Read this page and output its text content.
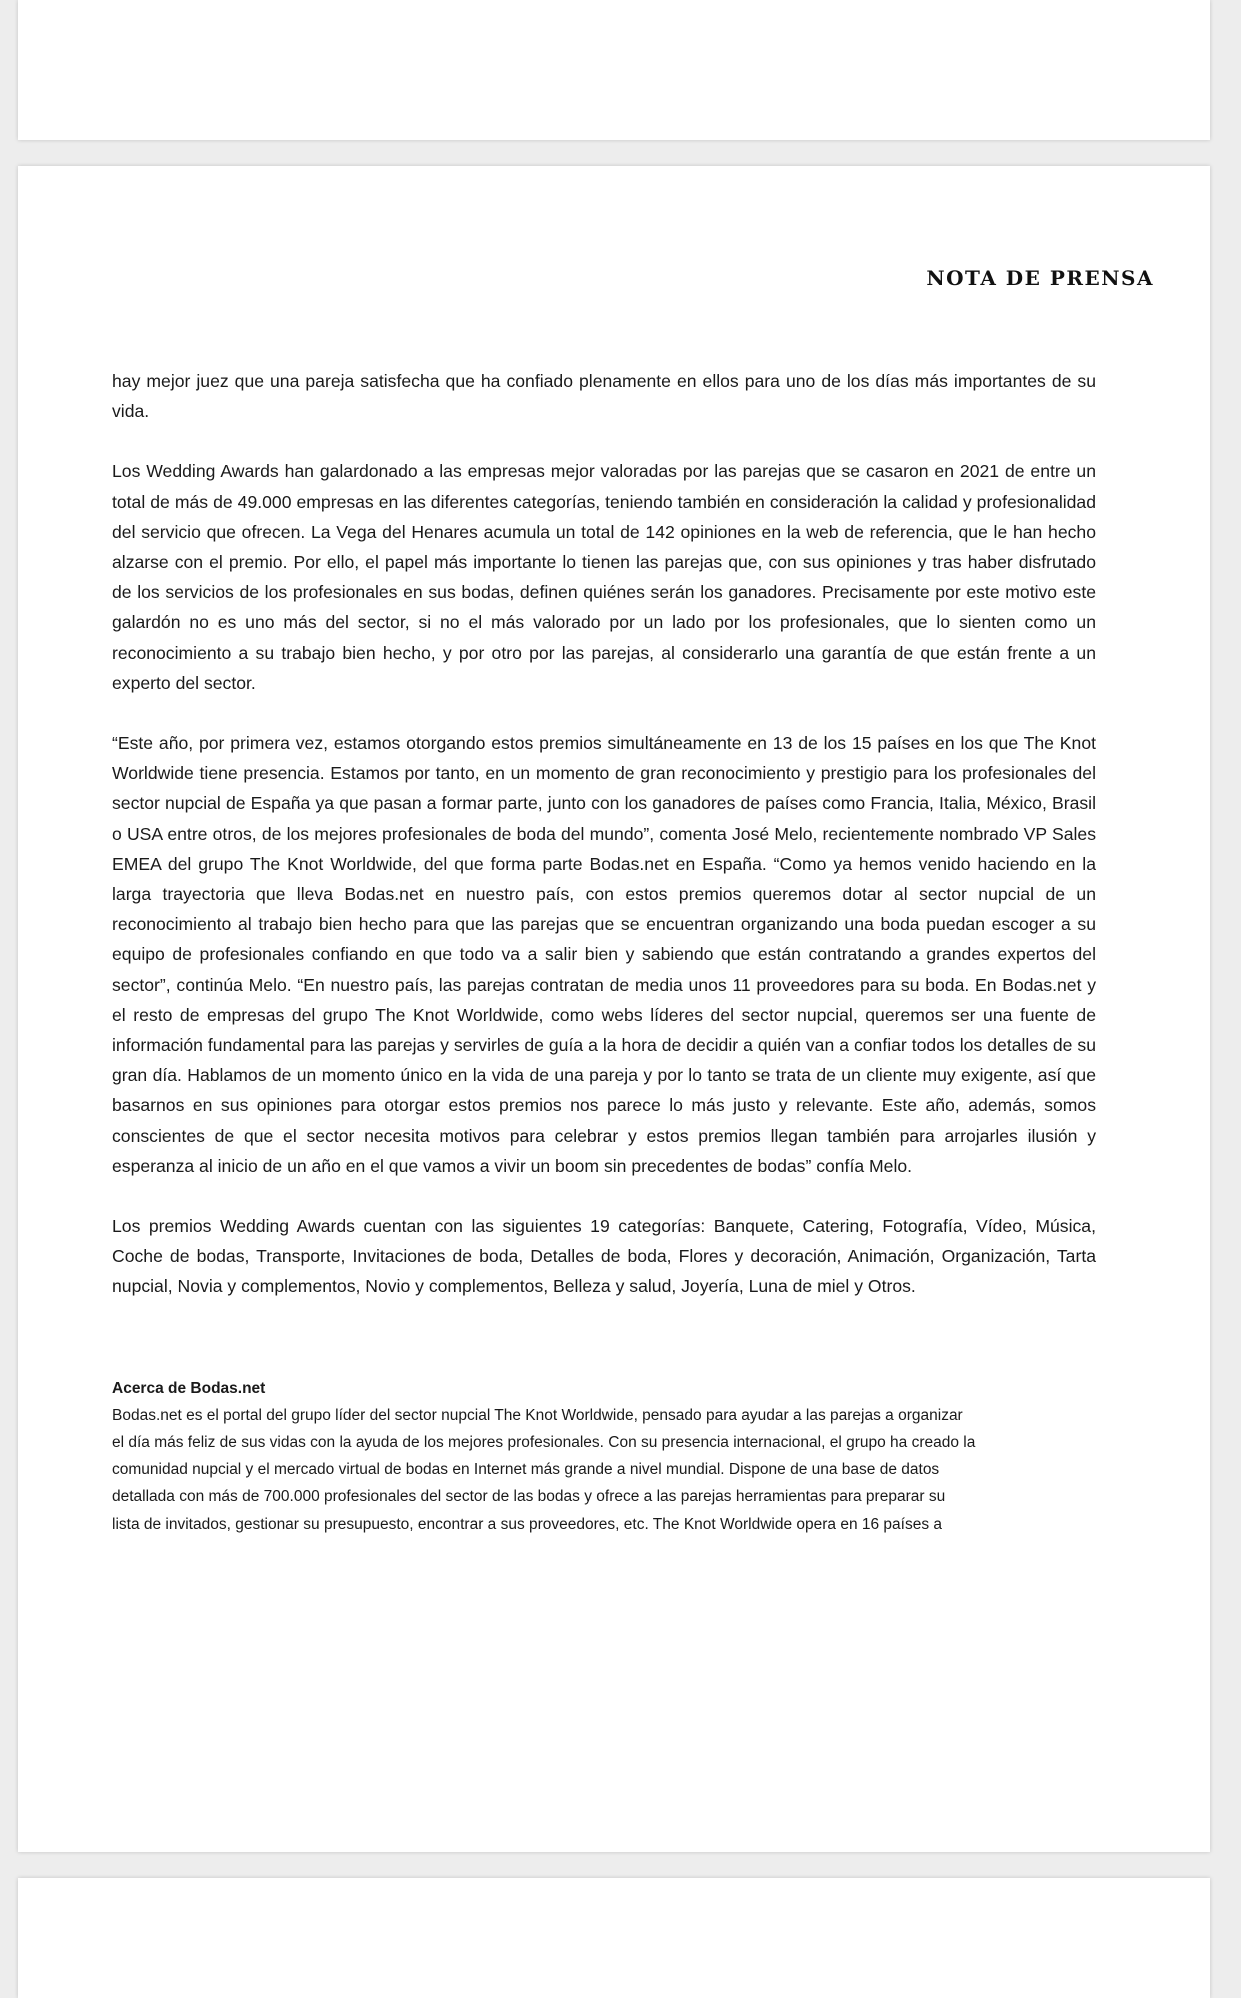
NOTA DE PRENSA

hay mejor juez que una pareja satisfecha que ha confiado plenamente en ellos para uno de los días más importantes de su vida.

Los Wedding Awards han galardonado a las empresas mejor valoradas por las parejas que se casaron en 2021 de entre un total de más de 49.000 empresas en las diferentes categorías, teniendo también en consideración la calidad y profesionalidad del servicio que ofrecen. La Vega del Henares acumula un total de 142 opiniones en la web de referencia, que le han hecho alzarse con el premio. Por ello, el papel más importante lo tienen las parejas que, con sus opiniones y tras haber disfrutado de los servicios de los profesionales en sus bodas, definen quiénes serán los ganadores. Precisamente por este motivo este galardón no es uno más del sector, si no el más valorado por un lado por los profesionales, que lo sienten como un reconocimiento a su trabajo bien hecho, y por otro por las parejas, al considerarlo una garantía de que están frente a un experto del sector.

“Este año, por primera vez, estamos otorgando estos premios simultáneamente en 13 de los 15 países en los que The Knot Worldwide tiene presencia. Estamos por tanto, en un momento de gran reconocimiento y prestigio para los profesionales del sector nupcial de España ya que pasan a formar parte, junto con los ganadores de países como Francia, Italia, México, Brasil o USA entre otros, de los mejores profesionales de boda del mundo”, comenta José Melo, recientemente nombrado VP Sales EMEA del grupo The Knot Worldwide, del que forma parte Bodas.net en España. “Como ya hemos venido haciendo en la larga trayectoria que lleva Bodas.net en nuestro país, con estos premios queremos dotar al sector nupcial de un reconocimiento al trabajo bien hecho para que las parejas que se encuentran organizando una boda puedan escoger a su equipo de profesionales confiando en que todo va a salir bien y sabiendo que están contratando a grandes expertos del sector”, continúa Melo. “En nuestro país, las parejas contratan de media unos 11 proveedores para su boda. En Bodas.net y el resto de empresas del grupo The Knot Worldwide, como webs líderes del sector nupcial, queremos ser una fuente de información fundamental para las parejas y servirles de guía a la hora de decidir a quién van a confiar todos los detalles de su gran día. Hablamos de un momento único en la vida de una pareja y por lo tanto se trata de un cliente muy exigente, así que basarnos en sus opiniones para otorgar estos premios nos parece lo más justo y relevante. Este año, además, somos conscientes de que el sector necesita motivos para celebrar y estos premios llegan también para arrojarles ilusión y esperanza al inicio de un año en el que vamos a vivir un boom sin precedentes de bodas” confía Melo.

Los premios Wedding Awards cuentan con las siguientes 19 categorías: Banquete, Catering, Fotografía, Vídeo, Música, Coche de bodas, Transporte, Invitaciones de boda, Detalles de boda, Flores y decoración, Animación, Organización, Tarta nupcial, Novia y complementos, Novio y complementos, Belleza y salud, Joyería, Luna de miel y Otros.

Acerca de Bodas.net

Bodas.net es el portal del grupo líder del sector nupcial The Knot Worldwide, pensado para ayudar a las parejas a organizar
el día más feliz de sus vidas con la ayuda de los mejores profesionales. Con su presencia internacional, el grupo ha creado la
comunidad nupcial y el mercado virtual de bodas en Internet más grande a nivel mundial. Dispone de una base de datos
detallada con más de 700.000 profesionales del sector de las bodas y ofrece a las parejas herramientas para preparar su
lista de invitados, gestionar su presupuesto, encontrar a sus proveedores, etc. The Knot Worldwide opera en 16 países a
